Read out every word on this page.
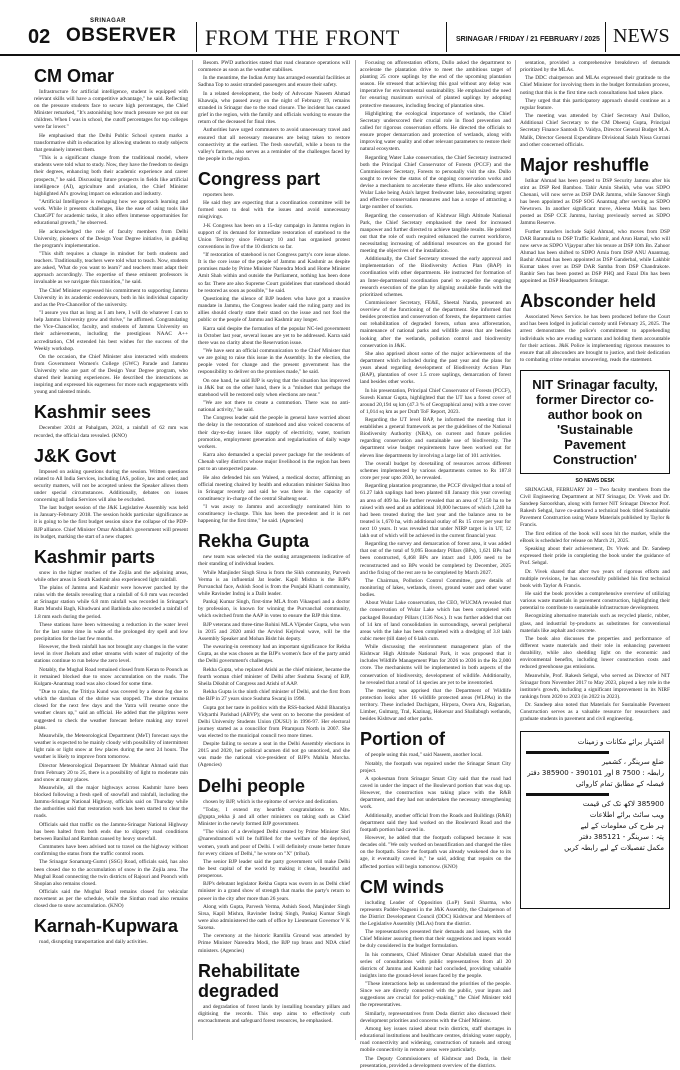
02
SRINAGAR
OBSERVER FROM THE FRONT	SRINAGAR / FRIDAY / 21 FEBRUARY / 2025 NEWS
CM Omar

Infrastructure for artificial intelligence, student is equipped with relevant skills will have a competitive advantage," he said. Reflecting on the pressure students face to secure high percentages, the Chief Minister remarked, "It's astonishing how much pressure we put on our children. When I was in school, the cutoff percentages for top colleges were far lower."

He emphasised that the Delhi Public School system marks a transformative shift in education by allowing students to study subjects that genuinely interest them.

"This is a significant change from the traditional model, where students were told what to study. Now, they have the freedom to design their degrees, enhancing both their academic experience and career prospects," he said. Discussing future prospects in fields like artificial intelligence (AI), agriculture and aviation, the Chief Minister highlighted AI's growing impact on education and industry.

"Artificial Intelligence is reshaping how we approach learning and work. While it presents challenges, like the ease of using tools like ChatGPT for academic tasks, it also offers immense opportunities for educational growth," he observed.

He acknowledged the role of faculty members from Delhi University, pioneers of the Design Your Degree initiative, in guiding the program's implementation.

"This shift requires a change in mindset for both students and teachers. Traditionally, teachers were told what to teach. Now, students are asked, 'What do you want to learn?' and teachers must adapt their approach accordingly. The expertise of these eminent professors is invaluable as we navigate this transition," he said.

The Chief Minister expressed his commitment to supporting Jammu University in its academic endeavours, both in his individual capacity and as the Pro-Chancellor of the university.

"I assure you that as long as I am here, I will do whatever I can to help Jammu University grow and thrive," he affirmed. Congratulating the Vice-Chancellor, faculty, and students of Jammu University on their achievements, including the prestigious NAAC A++ accreditation, CM extended his best wishes for the success of the Weekly workshop.

On the occasion, the Chief Minister also interacted with students from Government Women's College (GWC) Parade and Jammu University who are part of the Design Your Degree program, who shared their learning experiences. He described the interactions as inspiring and expressed his eagerness for more such engagements with young and talented minds.

Kashmir sees

December 2024 at Pahalgam, 2024, a rainfall of 62 mm was recorded, the official data revealed. (KNO)

J&K Govt

Imposed on asking questions during the session. Written questions related to All India Services, including IAS, police, law and order, and security matters, will not be accepted unless the Speaker allows them under special circumstances. Additionally, debates on issues concerning all India Services will also be excluded.

The last budget session of the J&K Legislative Assembly was held in January-February 2018. The session holds particular significance as it is going to be the first budget session since the collapse of the PDP-BJP alliance. Chief Minister Omar Abdullah's government will present its budget, marking the start of a new chapter.

Kashmir parts

snow in the higher reaches of the Zojila and the adjoining areas, while other areas in South Kashmir also experienced light rainfall.

The plains of Jammu and Kashmir were however parched by the rains with the details revealing that a rainfall of 6.0 mm was recorded at Srinagar station while 6.8 mm rainfall was recorded in Srinagar's Ram Munshi Bagh, Khudwani and Bathinda also recorded a rainfall of 1.8 mm each during the period.

These stations have been witnessing a reduction in the water level for the last some time in wake of the prolonged dry spell and low precipitation for the last few months.

However, the fresh rainfall has not brought any changes in the water level in river Jhelum and other streams with water of majority of the stations continue to run below the zero level.

Notably, the Mughal Road remained closed from Keran to Poonch as it remained blocked due to snow accumulation on the roads. The Kulgam-Anantnag road was also closed for some time.

"Due to rains, the Tritiya Kund was covered by a dense fog due to which the darshan of the shrine was stopped. The shrine remains closed for the next few days and the Yatra will resume once the weather clears up," said an official. He added that the pilgrims were suggested to check the weather forecast before making any travel plans.

Meanwhile, the Meteorological Department (MeT) forecast says the weather is expected to be mainly cloudy with possibility of intermittent light rain or light snow at few places during the next 24 hours. The weather is likely to improve from tomorrow.

Director Meteorological Department Dr Mukhtar Ahmad said that from February 20 to 25, there is a possibility of light to moderate rain and snow at many places.

Meanwhile, all the major highways across Kashmir have been blocked following a fresh spell of snowfall and rainfall, including the Jammu-Srinagar National Highway, officials said on Thursday while the authorities said that restoration work has been started to clear the roads.

Officials said that traffic on the Jammu-Srinagar National Highway has been halted from both ends due to slippery road conditions between Banihal and Ramban caused by heavy snowfall.

Commuters have been advised not to travel on the highway without confirming the status from the traffic control room.

The Srinagar Sonamarg-Gumri (SSG) Road, officials said, has also been closed due to the accumulation of snow in the Zojila area. The Mughal Road connecting the twin districts of Rajouri and Poonch with Shopian also remains closed.

Officials said the Mughal Road remains closed for vehicular movement as per the schedule, while the Sinthan road also remains closed due to snow accumulation. (KNO)

Karnah-Kupwara

road, disrupting transportation and daily activities.

Besom. PWD authorities stated that road clearance operations will commence as soon as the weather stabilises.

In the meantime, the Indian Army has arranged essential facilities at Sadhna Top to assist stranded passengers and ensure their safety.

In a related development, the body of Advocate Naseem Ahmad Khawaja, who passed away on the night of February 19, remains stranded in Srinagar due to the road closure. The incident has caused grief in the region, with the family and officials working to ensure the return of the deceased for final rites.

Authorities have urged commuters to avoid unnecessary travel and ensured that all necessary measures are being taken to restore connectivity at the earliest. The fresh snowfall, while a boon to the valley's farmers, also serves as a reminder of the challenges faced by the people in the region.

Congress part

reporters here.

He said they are expecting that a coordination committee will be formed soon to deal with the issues and avoid unnecessary misgivings.

J-K Congress has been on a 15-day campaign in Jammu region in support of its demand for immediate restoration of statehood to the Union Territory since February 10 and has organised protest conventions in five of the 10 districts so far.

"If restoration of statehood is not Congress party's core issue alone. It is the core issue of the people of Jammu and Kashmir as despite promises made by Prime Minister Narendra Modi and Home Minister Amit Shah within and outside the Parliament, nothing has been done so far. There are also Supreme Court guidelines that statehood should be restored as soon as possible," he said.

Questioning the silence of BJP leaders who have got a massive mandate in Jammu, the Congress leader said the ruling party and its allies should clearly state their stand on the issue and not fool the public or the people of Jammu and Kashmir any longer.

Karra said despite the formation of the popular NC-led government in October last year, several issues are yet to be addressed. Karra said there was no clarity about the Reservation issue.

"We have sent an official communication to the Chief Minister that we are going to raise this issue in the Assembly. In the election, the people voted for change and the present government has the responsibility to deliver on the promises made," he said.

On one hand, he said BJP is saying that the situation has improved in J&K but on the other hand, there is a "mindset that perhaps the statehood will be restored only when elections are near."

"We are not there to create a commotion. There was no anti-national activity," he said.

The Congress leader said the people in general have worried about the delay in the restoration of statehood and also voiced concerns of their day-to-day issues like supply of electricity, water, tourism promotion, employment generation and regularisation of daily wage workers.

Karra also demanded a special power package for the residents of Chenab valley districts whose major livelihood in the region has been put to an unexpected pause.

He also defended his son Waleed, a medical doctor, affirming an official meeting chaired by health and education minister Sakina Itoo in Srinagar recently and said he was there in the capacity of constituency in-charge of the central Shalteng seat.

"I was away to Jammu and accordingly nominated him to constituency in-charge. This has been the precedent and it is not happening for the first time," he said. (Agencies)

Rekha Gupta

new team was selected via the seating arrangements indicative of their standing of individual leaders.

While Manjinder Singh Sirsa is from the Sikh community, Parvesh Verma is an influential Jat leader. Kapil Mishra is the BJP's Purvanchal face, Ashish Sood is from the Punjabi Khatri community, while Ravinder Indraj is a Dalit leader.

Pankaj Kumar Singh, first-time MLA from Vikaspuri and a doctor by profession, is known for winning the Purvanchal community, which switched from the AAP in votes to ensure the BJP this time.

BJP veterans and three-time Rohini MLA Vijender Gupta, who won in 2015 and 2020 amid the Arvind Kejriwal wave, will be the Assembly Speaker and Mohan Bisht his deputy.

The swearing-in ceremony had an important significance for Rekha Gupta, as she was chosen as the BJP's women's face of the party amid the Delhi government's challenges.

Rekha Gupta, who replaced Atishi as the chief minister, became the fourth woman chief minister of Delhi after Sushma Swaraj of BJP, Sheila Dikshit of Congress and Atishi of AAP.

Rekha Gupta is the ninth chief minister of Delhi, and the first from the BJP in 27 years since Sushma Swaraj in 1998.

Gupta got her taste in politics with the RSS-backed Akhil Bharatiya Vidyarthi Parishad (ABVP); she went on to become the president of Delhi University Students Union (DUSU) in 1996-97. Her electoral journey started as a councillor from Pitampura North in 2007. She was elected to the municipal council two more times.

Despite failing to secure a seat in the Delhi Assembly elections in 2015 and 2020, her political acumen did not go unnoticed, and she was made the national vice-president of BJP's Mahila Morcha. (Agencies)

Delhi people

chosen by BJP, which is the epitome of service and dedication.

"Today, I extend my heartfelt congratulations to Mrs. @gupta_rekha ji and all other ministers on taking oath as Chief Minister in the newly formed BJP government.

"The vision of a developed Delhi created by Prime Minister Shri @narendramodi will be fulfilled for the welfare of the deprived, women, youth and poor of Delhi. I will definitely create better future for every citizen of Delhi," he wrote on "X" (tribal).

The senior BJP leader said the party government will make Delhi the best capital of the world by making it clean, beautiful and prosperous.

BJP's debutant legislator Rekha Gupta was sworn in as Delhi chief minister in a grand show of strength that marks the party's return to power in the city after more than 26 years.

Along with Gupta, Parvesh Verma, Ashish Sood, Manjinder Singh Sirsa, Kapil Mishra, Ravinder Indraj Singh, Pankaj Kumar Singh were also administered the oath of office by Lieutenant Governor V K Saxena.

The ceremony at the historic Ramlila Ground was attended by Prime Minister Narendra Modi, the BJP top brass and NDA chief ministers. (Agencies)

Rehabilitate degraded

and degradation of forest lands by installing boundary pillars and digitising the records. This step aims to effectively curb encroachments and safeguard forest resources, he emphasised.

Focusing on afforestation efforts, Dullo asked the department to accelerate the plantation drive to meet the ambitious target of planting 25 crore saplings by the end of the upcoming plantation season. He stressed that achieving this goal without any delay was imperative for environmental sustainability. He emphasized the need for ensuring maximum survival of planted saplings by adopting protective measures, including fencing of plantation sites.

Highlighting the ecological importance of wetlands, the Chief Secretary underscored their crucial role in flood prevention and called for rigorous conservation efforts. He directed the officials to ensure proper demarcation and protection of wetlands, along with improving water quality and other relevant parameters to restore their natural ecosystem.

Regarding Water Lake conservation, the Chief Secretary instructed both the Principal Chief Conservator of Forests (PCCF) and the Commissioner Secretary, Forests to personally visit the site. Dullo sought to review the status of the ongoing conservation works and devise a mechanism to accelerate these efforts. He also underscored Wular Lake being Asia's largest freshwater lake, necessitating urgent and effective conservation measures and has a scope of attracting a large number of tourists.

Regarding the conservation of Kishtwar High Altitude National Park, the Chief Secretary emphasised the need for increased manpower and further directed to achieve tangible results. He pointed out that the role of such required enhanced the current workforce, necessitating increasing of additional resources on the ground for meeting the objectives of the installation.

Additionally, the Chief Secretary stressed the early approval and implementation of the Biodiversity Action Plan (BAP) in coordination with other departments. He instructed for formation of an Inter-departmental coordination panel to expedite the ongoing research execution of the plan by aligning available funds with the prioritized schemes.

Commissioner Secretary, FE&E, Sheetal Nanda, presented an overview of the functioning of the department. She informed that besides protection and conservation of forests, the department carries out rehabilitation of degraded forests, urban area afforestation, maintenance of national parks and wildlife areas that are besides looking after the wetlands, pollution control and biodiversity conservation in J&K.

She also apprised about some of the major achievements of the department which included during the past year and the plans for years ahead regarding development of Biodiversity Action Plan (BAP), plantation of over 1.5 crore saplings, demarcation of forest land besides other works.

In his presentation, Principal Chief Conservator of Forests (PCCF), Suresh Kumar Gupta, highlighted that the UT has a forest cover of around 20,194 sq km (47.3 % of Geographical area) with a tree cover of 1,014 sq km as per Draft ToF Report, 2023.

Regarding the UT level BAP, he informed the meeting that it establishes a general framework as per the guidelines of the National Biodiversity Authority (NBA), on current and future policies regarding conservation and sustainable use of biodiversity. The department wise budget requirements have been worked out for eleven line departments by involving a large list of 101 activities.

The overall budget by dovetailing of resources across different schemes implemented by various departments comes to Rs 187.8 crore per year upto 2030, he revealed.

Regarding plantation programme, the PCCF divulged that a total of 61.27 lakh saplings had been planted till January this year covering an area of 409 ha. He further revealed that an area of 7,150 ha to be raised with seed and an additional 10,000 hectares of which 1,240 ha had been treated during the last year and the balance area to be treated is 1,670 ha, with additional outlay of Rs 15 crore per year for next 10 years. It was revealed that under NIRP target is in UT, 12 lakh out of which will be achieved in the current financial year.

Regarding the survey and demarcation of forest area, it was added that out of the total of 9,095 Boundary Pillars (BPs), 1,621 BPs had been constructed, 6,468 BPs are intact and 1,006 need to be reconstructed and so BPs would be completed by December, 2025 and the fixing of the rest are to be completed by March 2027.

The Chairman, Pollution Control Committee, gave details of monitoring of lakes, wetlands, rivers, ground water and other water bodies.

About Wular Lake conservation, the CEO, WUCMA revealed that the conservation of Wular Lake which has been completed with packaged Boundary Pillars (1136 Nos.). It was further added that out of 14 km of land consolidation in surroundings, several peripheral areas with the lake has been completed with a dredging of 3.8 lakh cubic meter (till date) of 6 lakh cum.

While discussing the environment management plan of the Kishtwar High Altitude National Park, it was proposed that it includes Wildlife Management Plan for 2026 to 2036 in the Rs 2,000 crore. The mechanisms will be implemented in both aspects of the conservation of biodiversity, development of wildlife. Additionally, he revealed that a total of 14 species are yet to be inventoried.

The meeting was apprised that the Department of Wildlife protection looks after 16 wildlife protected areas (WLPAs) in the territory. These included Dachigam, Hirpora, Overa Aru, Rajparian, Limber, Gulmarg, Tral, Kazinag, Hokersar and Shallabugh wetlands, besides Kishtwar and other parks.

Portion of

of people using this road," said Naseem, another local.

Notably, the footpath was repaired under the Srinagar Smart City project.

A spokesman from Srinagar Smart City said that the road had caved in under the impact of the Boulevard portion that was dug up. However, the construction was taking place with the R&B department, and they had not undertaken the necessary strengthening work.

Additionally, another official from the Roads and Buildings (R&B) department said they had worked on the Boulevard Road and the footpath portion had caved in.

However, he added that the footpath collapsed because it was decades old. "We only worked on beautification and changed the tiles on the footpath. Since the footpath was already weakened due to its age, it eventually caved in," he said, adding that repairs on the affected portion will begin tomorrow. (KNO)

CM winds

including Leader of Opposition (LoP) Sunil Sharma, who represents Padder-Nagseni in the J&K Assembly, the Chairperson of the District Development Council (DDC) Kishtwar and Members of the Legislative Assembly (MLAs) from the district.

The representatives presented their demands and issues, with the Chief Minister assuring them that their suggestions and inputs would be duly considered in the budget formulation.

In his comments, Chief Minister Omar Abdullah stated that the series of consultations with public representatives from all 20 districts of Jammu and Kashmir had concluded, providing valuable insights into the ground-level issues faced by the people.

"These interactions help us understand the priorities of the people. Since we are directly connected with the public, your inputs and suggestions are crucial for policy-making," the Chief Minister told the representatives.

Similarly, representatives from Doda district also discussed their development priorities and concerns with the Chief Minister.

Among key issues raised about twin districts, staff shortages in educational institutions and healthcare centres, drinking water supply, road connectivity and widening, construction of tunnels and strong mobile connectivity in remote areas were particularly.

The Deputy Commissioners of Kishtwar and Doda, in their presentation, provided a development overview of the districts.

sentation, provided a comprehensive breakdown of demands prioritized by the MLAs.

The DDC chairperson and MLAs expressed their gratitude to the Chief Minister for involving them in the budget formulation process, noting that this is the first time such consultations had taken place.

They urged that this participatory approach should continue as a regular feature.

The meeting was attended by Chief Secretary Atal Dulloo, Additional Chief Secretary to the CM Dheeraj Gupta, Principal Secretary Finance Santosh D. Vaidya, Director General Budget M.A. Malik, Director General Expenditure Divisional Salah Nissa Gurrani and other concerned officials.

Major reshuffle

Istikar Ahmad has been posted to DSP Security Jammu after his stint as DSP Red Bamboo. Tahir Amin Sheikh, who was SDPO Chenani, will now serve as DSP DAR Jammu, while Sanover Singh has been appointed as DSP SOG Anantnag after serving as SDPO Newtown. In another significant move, Aleena Malik has been posted as DSP CCE Jammu, having previously served as SDPO Jammu Reserve.

Further transfers include Sajid Ahmad, who moves from DSP DAR Baramulla to DSP Traffic Kashmir, and Arun Hamal, who will now serve as SDPO Vijaypur after his tenure at DSP 10th Bn. Zahoor Ahmad has been shifted to SDPO Arnia from DSP ANU Anantnag. Bashir Ahmad has been appointed as DSP Ganderbal, while Lakhbir Kumar takes over as DSP DAR Samba from DSP Chandrakote. Ranbir Sen has been posted as DSP PHQ and Fazal Din has been appointed as DSP Headquarters Srinagar.

Absconder held

Associated News Service. he has been produced before the Court and has been lodged in judicial custody until February 25, 2025. The arrest demonstrates the police's commitment to apprehending individuals who are evading warrants and holding them accountable for their actions. J&K Police is implementing rigorous measures to ensure that all absconders are brought to justice, and their dedication to combating crime remains unwavering, reads the statement.

NIT Srinagar faculty, former Director co-author book on 'Sustainable Pavement Construction'
SO NEWS DESK

SRINAGAR, FEBRUARY 20 – Two faculty members from the Civil Engineering Department at NIT Srinagar, Dr. Vivek and Dr. Sandeep Saroorkhan, along with former NIT Srinagar Director Prof. Rakesh Sehgal, have co-authored a technical book titled Sustainable Pavement Construction using Waste Materials published by Taylor & Francis.

The first edition of the book will soon hit the market, while the eBook is scheduled for release on March 21, 2025.

Speaking about their achievement, Dr. Vivek and Dr. Sandeep expressed their pride in completing the book under the guidance of Prof. Sehgal.

Dr. Vivek shared that after two years of rigorous efforts and multiple revisions, he has successfully published his first technical book with Taylor & Francis.

He said the book provides a comprehensive overview of utilizing various waste materials in pavement construction, highlighting their potential to contribute to sustainable infrastructure development.

Recognizing alternative materials such as recycled plastic, rubber, glass, and industrial by-products as substitutes for conventional materials like asphalt and concrete.

The book also discusses the properties and performance of different waste materials and their role in enhancing pavement durability, while also shedding light on the economic and environmental benefits, including lower construction costs and reduced greenhouse gas emissions.

Meanwhile, Prof. Rakesh Sehgal, who served as Director of NIT Srinagar from November 2017 to May 2023, played a key role in the institute's growth, including a significant improvement in its NIRF rankings from 2020 to 2023 (in 2022 in 2023).

Dr. Sandeep also noted that Materials for Sustainable Pavement Construction serves as a valuable resource for researchers and graduate students in pavement and civil engineering.

اشتہار برائے مکانات و زمینات
ضلع سرینگر ، کشمیر
رابطہ : 7500 8 اور 390101 - 385900 دفتر
فیصلہ کے مطابق تمام کاروائی
385900 لاکھ تک کی قیمت
ویب سائٹ برائے اطلاعات
ہر طرح کی معلومات کے لیے
پتہ : سرینگر - 385121 دفتر
مکمل تفصیلات کے لیے رابطہ کریں
